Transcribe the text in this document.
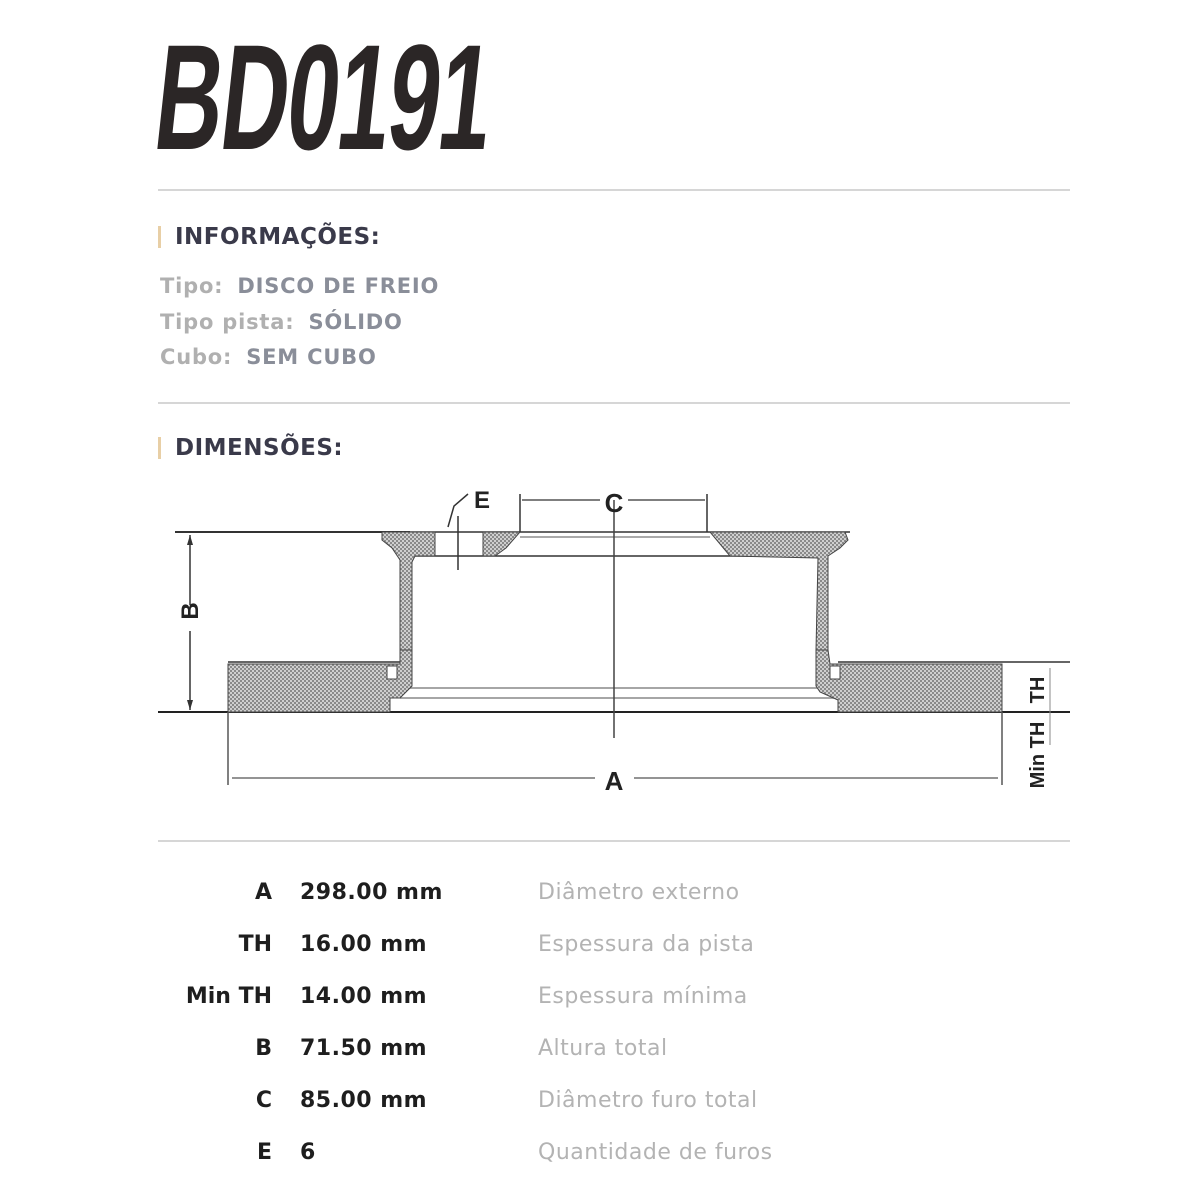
BD0191
INFORMAÇÕES:
Tipo: DISCO DE FREIO
Tipo pista: SÓLIDO
Cubo: SEM CUBO
DIMENSÕES:
B
E	C
A
TH
Min TH
A 298.00 mm	Diâmetro externo
TH 16.00 mm	Espessura da pista
Min TH 14.00 mm	Espessura mínima
B 71.50 mm	Altura total
C 85.00 mm	Diâmetro furo total
E 6	Quantidade de furos
